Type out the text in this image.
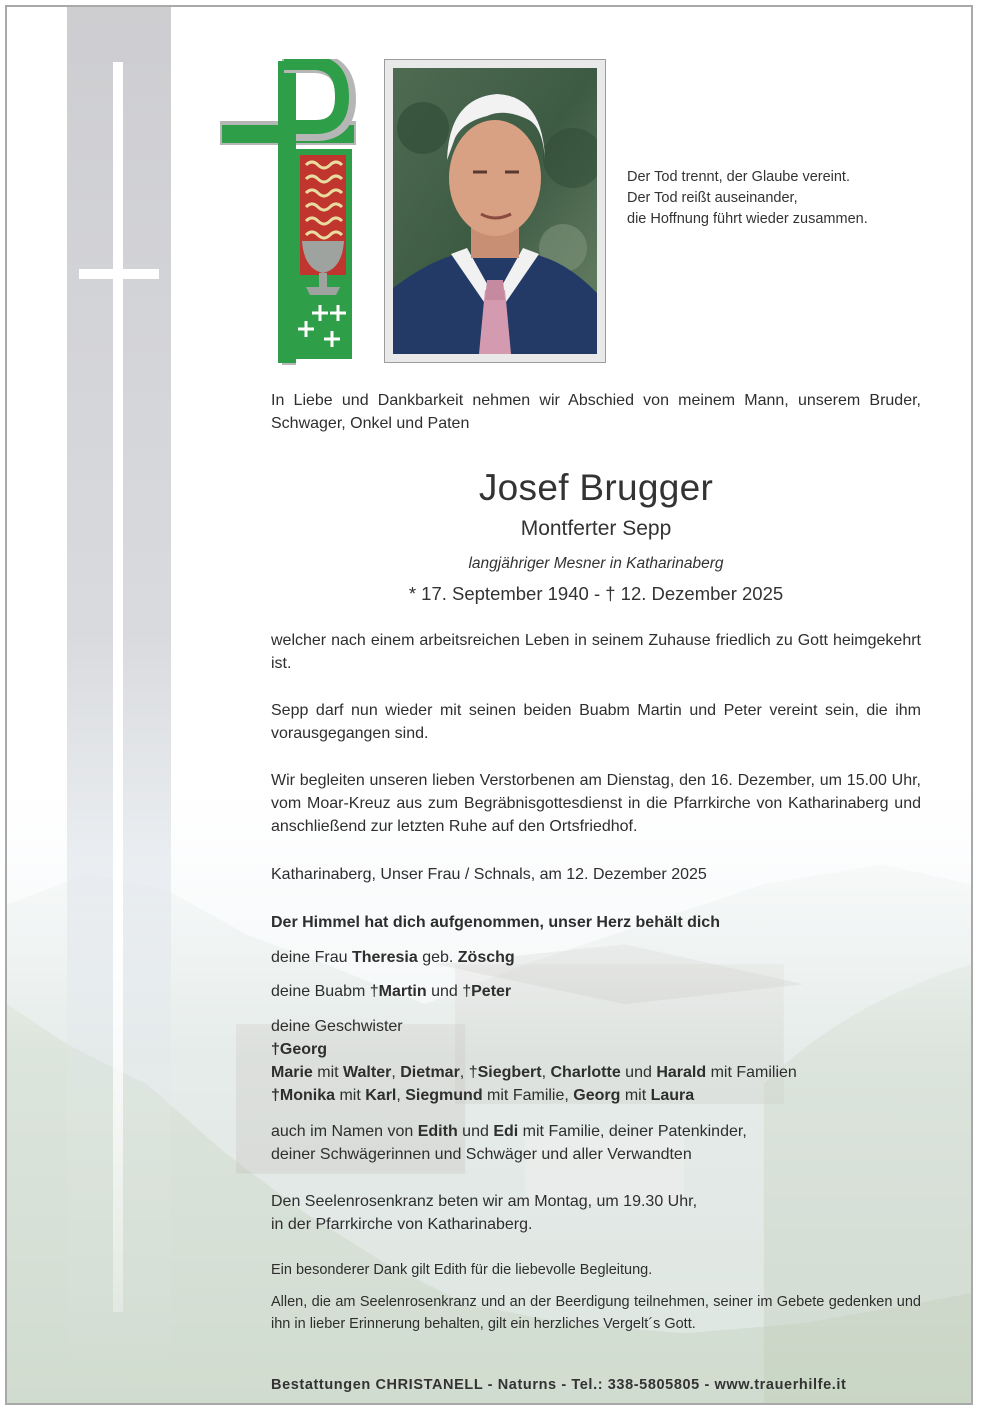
Der Tod trennt, der Glaube vereint.
Der Tod reißt auseinander,
die Hoffnung führt wieder zusammen.
In Liebe und Dankbarkeit nehmen wir Abschied von meinem Mann, unserem Bruder, Schwager, Onkel und Paten
Josef Brugger
Montferter Sepp
langjähriger Mesner in Katharinaberg
* 17. September 1940 - † 12. Dezember 2025
welcher nach einem arbeitsreichen Leben in seinem Zuhause friedlich zu Gott heimgekehrt ist.
Sepp darf nun wieder mit seinen beiden Buabm Martin und Peter vereint sein, die ihm vorausgegangen sind.
Wir begleiten unseren lieben Verstorbenen am Dienstag, den 16. Dezember, um 15.00 Uhr, vom Moar-Kreuz aus zum Begräbnisgottesdienst in die Pfarrkirche von Katharinaberg und anschließend zur letzten Ruhe auf den Ortsfriedhof.
Katharinaberg, Unser Frau / Schnals, am 12. Dezember 2025
Der Himmel hat dich aufgenommen, unser Herz behält dich
deine Frau Theresia geb. Zöschg
deine Buabm †Martin und †Peter
deine Geschwister
†Georg
Marie mit Walter, Dietmar, †Siegbert, Charlotte und Harald mit Familien
†Monika mit Karl, Siegmund mit Familie, Georg mit Laura
auch im Namen von Edith und Edi mit Familie, deiner Patenkinder,
deiner Schwägerinnen und Schwäger und aller Verwandten
Den Seelenrosenkranz beten wir am Montag, um 19.30 Uhr,
in der Pfarrkirche von Katharinaberg.
Ein besonderer Dank gilt Edith für die liebevolle Begleitung.
Allen, die am Seelenrosenkranz und an der Beerdigung teilnehmen, seiner im Gebete gedenken und ihn in lieber Erinnerung behalten, gilt ein herzliches Vergelt´s Gott.
Bestattungen CHRISTANELL - Naturns - Tel.: 338-5805805 - www.trauerhilfe.it
